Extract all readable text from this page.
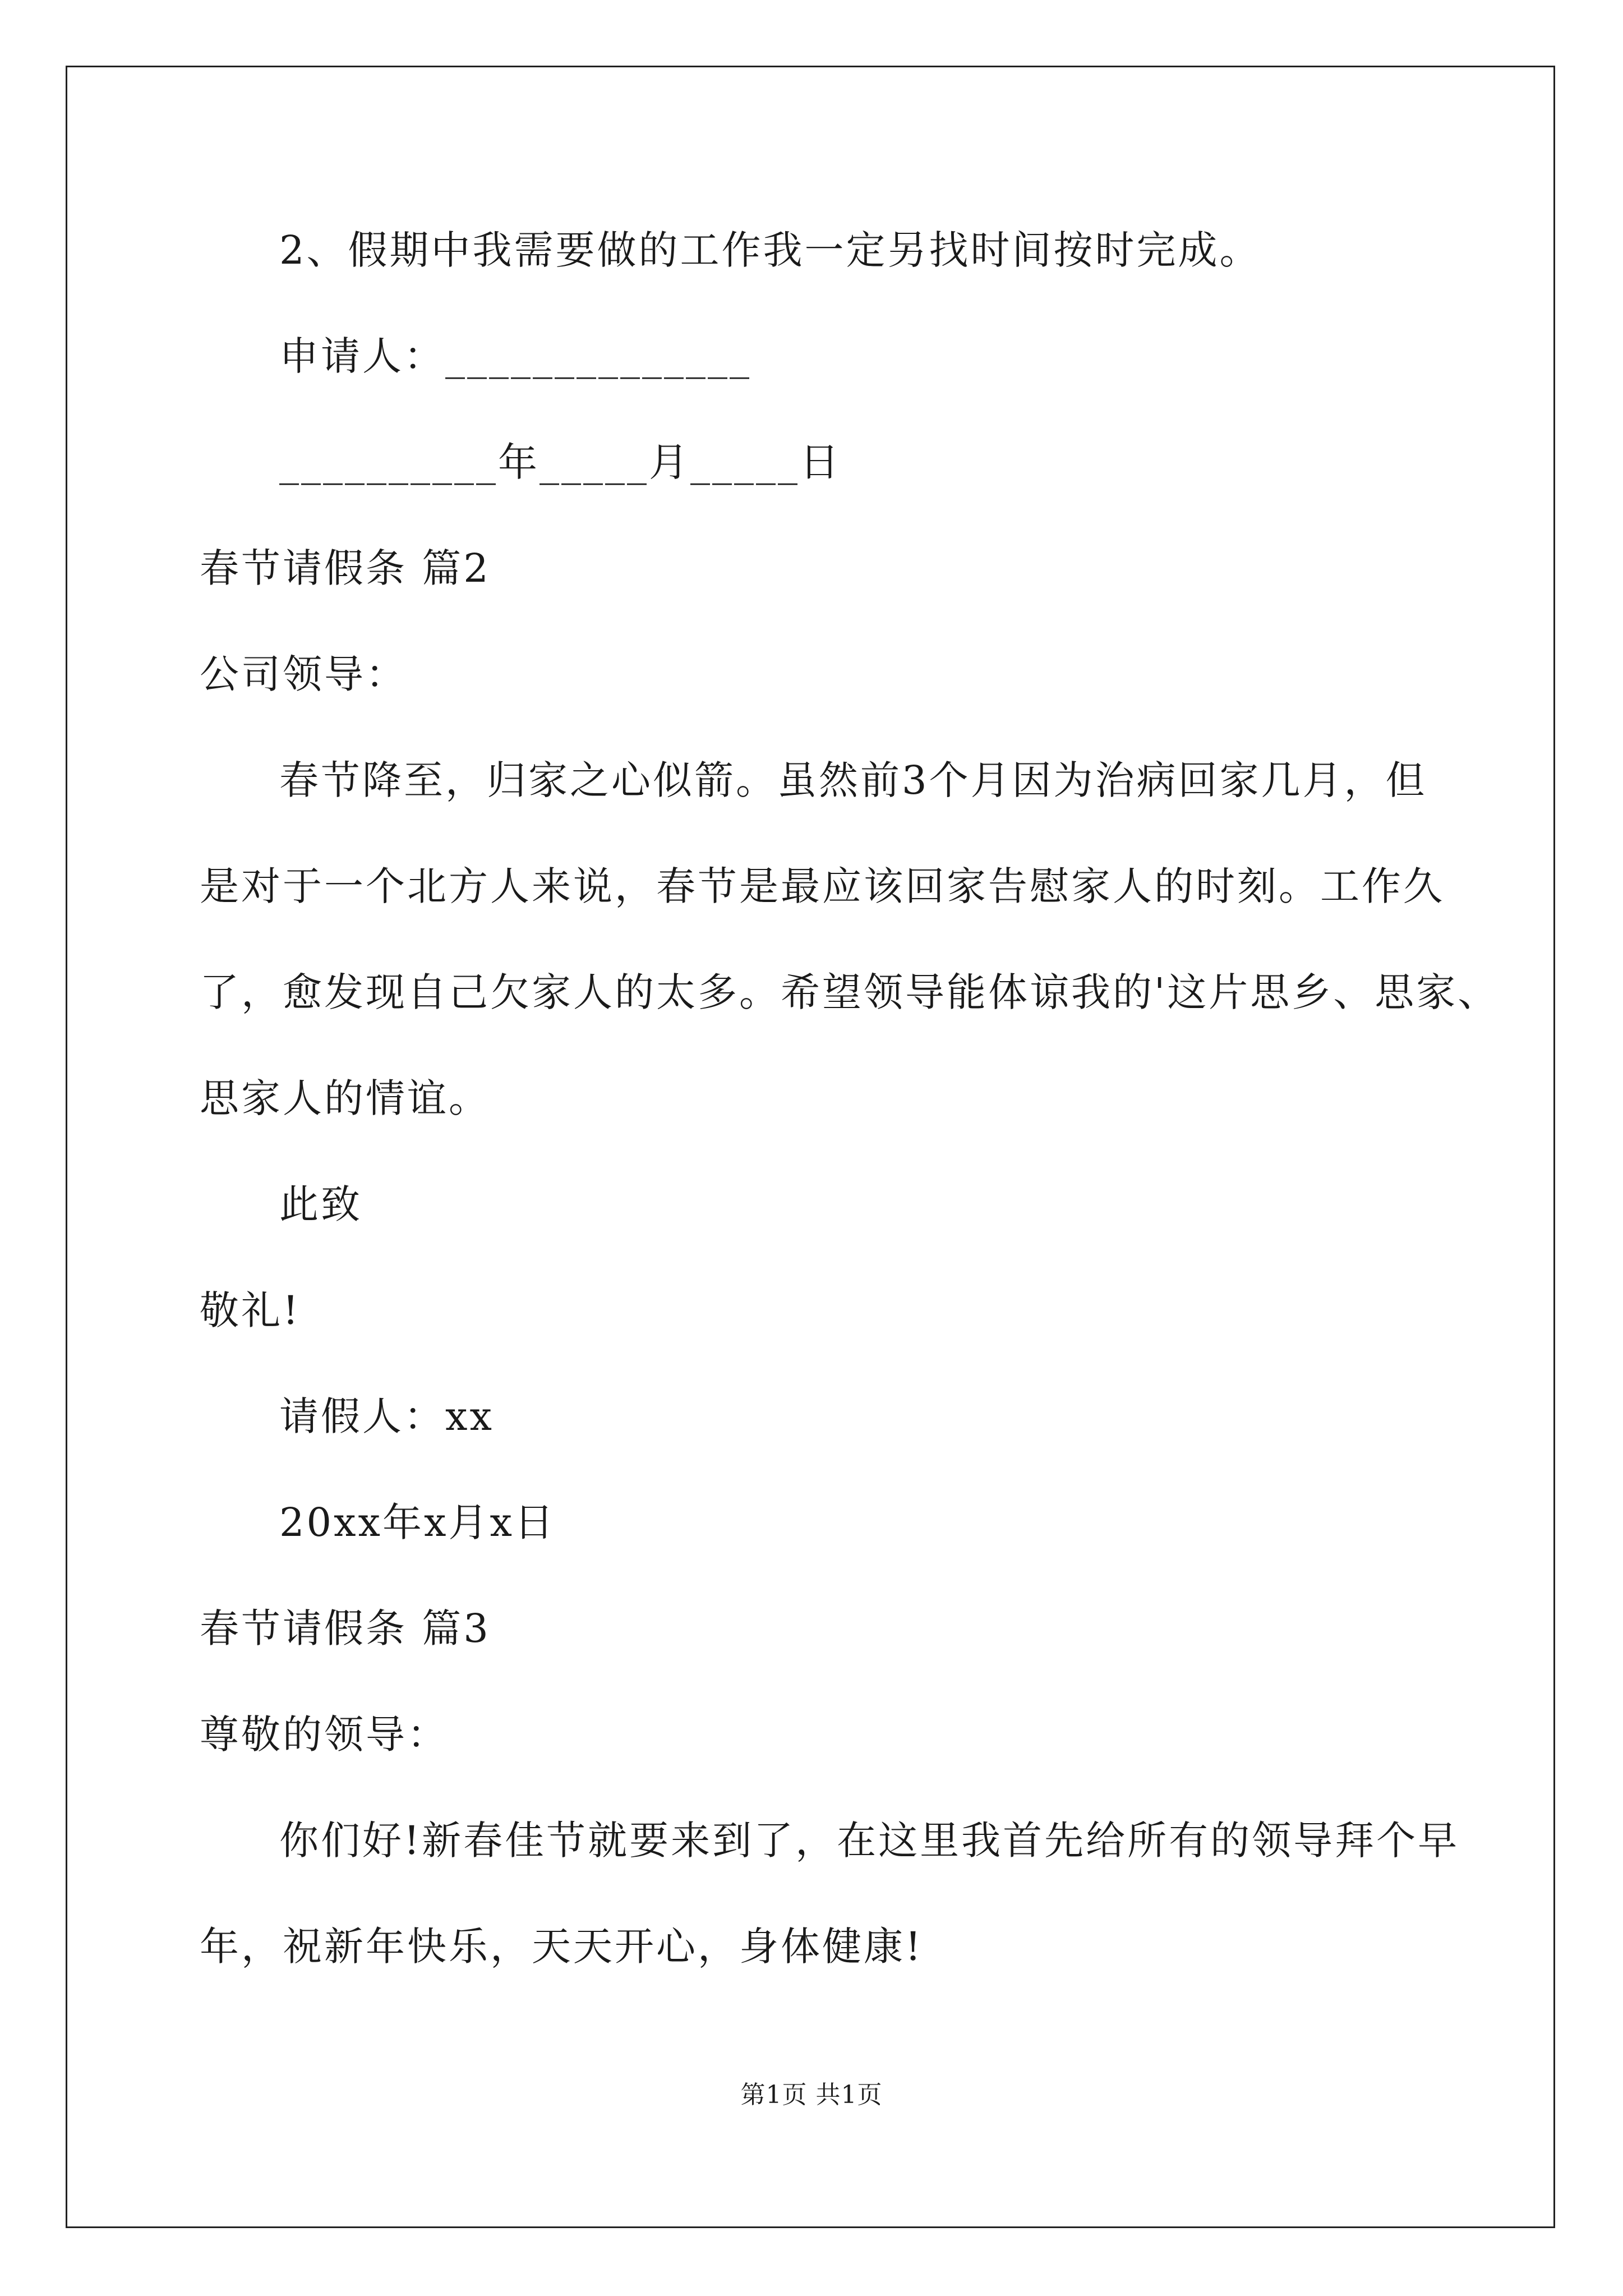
2、假期中我需要做的工作我一定另找时间按时完成。
申请人：______________
__________年_____月_____日
春节请假条 篇2
公司领导：
春节降至，归家之心似箭。虽然前3个月因为治病回家几月，但
是对于一个北方人来说，春节是最应该回家告慰家人的时刻。工作久
了，愈发现自己欠家人的太多。希望领导能体谅我的'这片思乡、思家、
思家人的情谊。
此致
敬礼!
请假人：xx
20xx年x月x日
春节请假条 篇3
尊敬的领导：
你们好!新春佳节就要来到了，在这里我首先给所有的领导拜个早
年，祝新年快乐，天天开心，身体健康!
第1页 共1页
